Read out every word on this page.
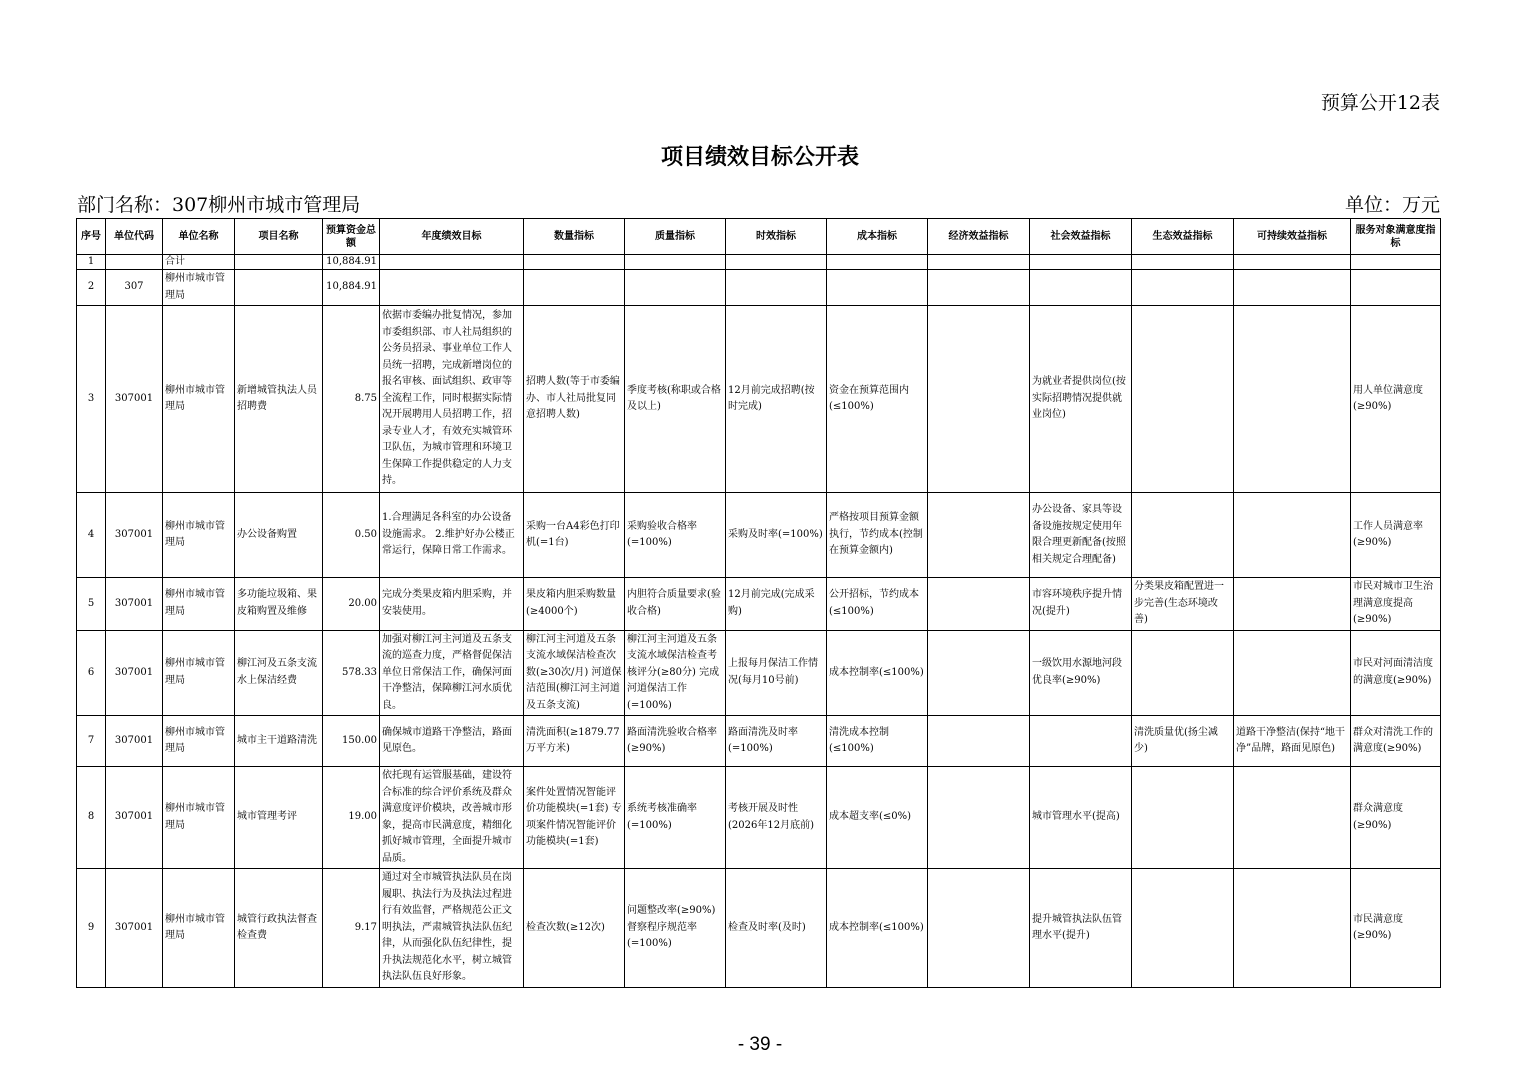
预算公开12表
项目绩效目标公开表
部门名称：307柳州市城市管理局	单位：万元
序号	单位代码	单位名称	项目名称	预算资金总额	年度绩效目标	数量指标	质量指标	时效指标	成本指标	经济效益指标	社会效益指标	生态效益指标	可持续效益指标	服务对象满意度指标
1		合计		10,884.91										
2	307	柳州市城市管理局		10,884.91										
3	307001	柳州市城市管理局	新增城管执法人员招聘费	8.75	依据市委编办批复情况，参加市委组织部、市人社局组织的公务员招录、事业单位工作人员统一招聘，完成新增岗位的报名审核、面试组织、政审等全流程工作，同时根据实际情况开展聘用人员招聘工作，招录专业人才，有效充实城管环卫队伍，为城市管理和环境卫生保障工作提供稳定的人力支持。	招聘人数(等于市委编办、市人社局批复同意招聘人数)	季度考核(称职或合格及以上)	12月前完成招聘(按时完成)	资金在预算范围内(≤100%)		为就业者提供岗位(按实际招聘情况提供就业岗位)			用人单位满意度(≥90%)
4	307001	柳州市城市管理局	办公设备购置	0.50	1.合理满足各科室的办公设备设施需求。 2.维护好办公楼正常运行，保障日常工作需求。	采购一台A4彩色打印机(=1台)	采购验收合格率(=100%)	采购及时率(=100%)	严格按项目预算金额执行，节约成本(控制在预算金额内)		办公设备、家具等设备设施按规定使用年限合理更新配备(按照相关规定合理配备)			工作人员满意率(≥90%)
5	307001	柳州市城市管理局	多功能垃圾箱、果皮箱购置及维修	20.00	完成分类果皮箱内胆采购，并安装使用。	果皮箱内胆采购数量(≥4000个)	内胆符合质量要求(验收合格)	12月前完成(完成采购)	公开招标，节约成本(≤100%)		市容环境秩序提升情况(提升)	分类果皮箱配置进一步完善(生态环境改善)		市民对城市卫生治理满意度提高(≥90%)
6	307001	柳州市城市管理局	柳江河及五条支流水上保洁经费	578.33	加强对柳江河主河道及五条支流的巡查力度，严格督促保洁单位日常保洁工作，确保河面干净整洁，保障柳江河水质优良。	柳江河主河道及五条支流水域保洁检查次数(≥30次/月) 河道保洁范围(柳江河主河道及五条支流)	柳江河主河道及五条支流水域保洁检查考核评分(≥80分) 完成河道保洁工作(=100%)	上报每月保洁工作情况(每月10号前)	成本控制率(≤100%)		一级饮用水源地河段优良率(≥90%)			市民对河面清洁度的满意度(≥90%)
7	307001	柳州市城市管理局	城市主干道路清洗	150.00	确保城市道路干净整洁，路面见原色。	清洗面积(≥1879.77万平方米)	路面清洗验收合格率(≥90%)	路面清洗及时率(=100%)	清洗成本控制(≤100%)			清洗质量优(扬尘减少)	道路干净整洁(保持“地干净”品牌，路面见原色)	群众对清洗工作的满意度(≥90%)
8	307001	柳州市城市管理局	城市管理考评	19.00	依托现有运管服基础，建设符合标准的综合评价系统及群众满意度评价模块，改善城市形象，提高市民满意度，精细化抓好城市管理，全面提升城市品质。	案件处置情况智能评价功能模块(=1套) 专项案件情况智能评价功能模块(=1套)	系统考核准确率(=100%)	考核开展及时性(2026年12月底前)	成本超支率(≤0%)		城市管理水平(提高)			群众满意度(≥90%)
9	307001	柳州市城市管理局	城管行政执法督查检查费	9.17	通过对全市城管执法队员在岗履职、执法行为及执法过程进行有效监督，严格规范公正文明执法，严肃城管执法队伍纪律，从而强化队伍纪律性，提升执法规范化水平，树立城管执法队伍良好形象。	检查次数(≥12次)	问题整改率(≥90%) 督察程序规范率(=100%)	检查及时率(及时)	成本控制率(≤100%)		提升城管执法队伍管理水平(提升)			市民满意度(≥90%)
- 39 -
